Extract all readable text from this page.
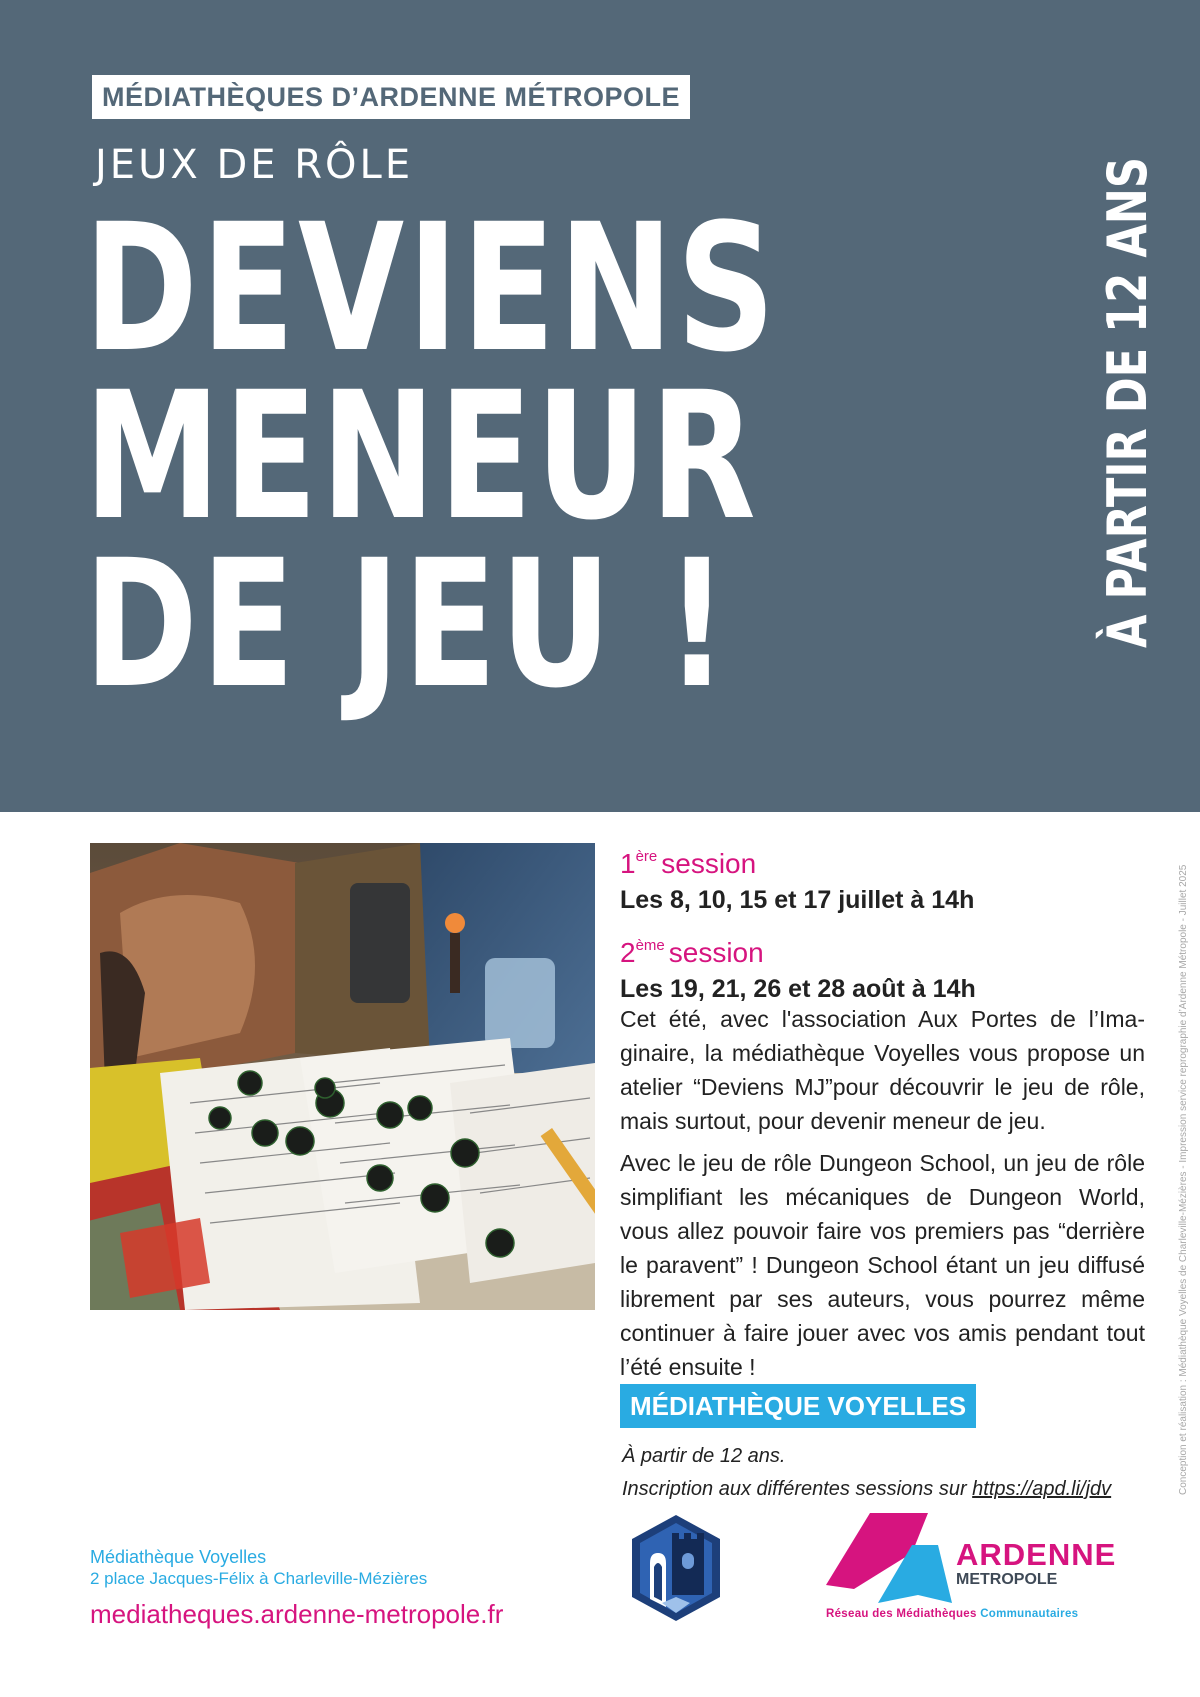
MÉDIATHÈQUES D’ARDENNE MÉTROPOLE
JEUX DE RÔLE
DEVIENS
MENEUR
DE JEU !	À PARTIR DE 12 ANS
1ère session
Les 8, 10, 15 et 17 juillet à 14h
2ème session
Les 19, 21, 26 et 28 août à 14h

Cet été, avec l'association Aux Portes de l’Ima-ginaire, la médiathèque Voyelles vous propose un atelier “Deviens MJ”pour découvrir le jeu de rôle, mais surtout, pour devenir meneur de jeu.

Avec le jeu de rôle Dungeon School, un jeu de rôle simplifiant les mécaniques de Dungeon World, vous allez pouvoir faire vos premiers pas “derrière le paravent” ! Dungeon School étant un jeu diffusé librement par ses auteurs, vous pourrez même continuer à faire jouer avec vos amis pendant tout l’été ensuite !

MÉDIATHÈQUE VOYELLES
À partir de 12 ans.
Inscription aux différentes sessions sur https://apd.li/jdv	Conception et réalisation : Médiathèque Voyelles de Charleville-Mézières - Impression service reprographie d’Ardenne Métropole - Juillet 2025
Médiathèque Voyelles
2 place Jacques-Félix à Charleville-Mézières
mediatheques.ardenne-metropole.fr
ARDENNE
METROPOLE
Réseau des Médiathèques Communautaires
